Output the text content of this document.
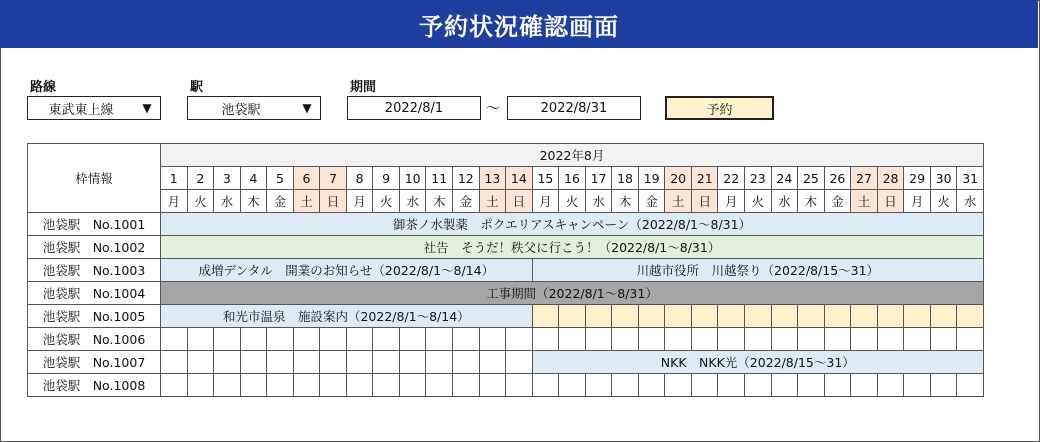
予約状況確認画面
路線
東武東上線	▼
駅
池袋駅	▼
期間
2022/8/1	～	2022/8/31	予約
枠情報	2022年8月																														
	1	2	3	4	5	6	7	8	9	10	11	12	13	14	15	16	17	18	19	20	21	22	23	24	25	26	27	28	29	30	31
	月	火	水	木	金	土	日	月	火	水	木	金	土	日	月	火	水	木	金	土	日	月	火	水	木	金	土	日	月	火	水
池袋駅　No.1001	御茶ノ水製薬　ポクエリアスキャンペーン（2022/8/1～8/31）																														
池袋駅　No.1002	社告　そうだ！秩父に行こう！（2022/8/1～8/31）																														
池袋駅　No.1003	成増デンタル　開業のお知らせ（2022/8/1～8/14）														川越市役所　川越祭り（2022/8/15～31）																
池袋駅　No.1004	工事期間（2022/8/1～8/31）																														
池袋駅　No.1005	和光市温泉　施設案内（2022/8/1～8/14）																														
池袋駅　No.1006																															
池袋駅　No.1007															NKK　NKK光（2022/8/15～31）																
池袋駅　No.1008																															
